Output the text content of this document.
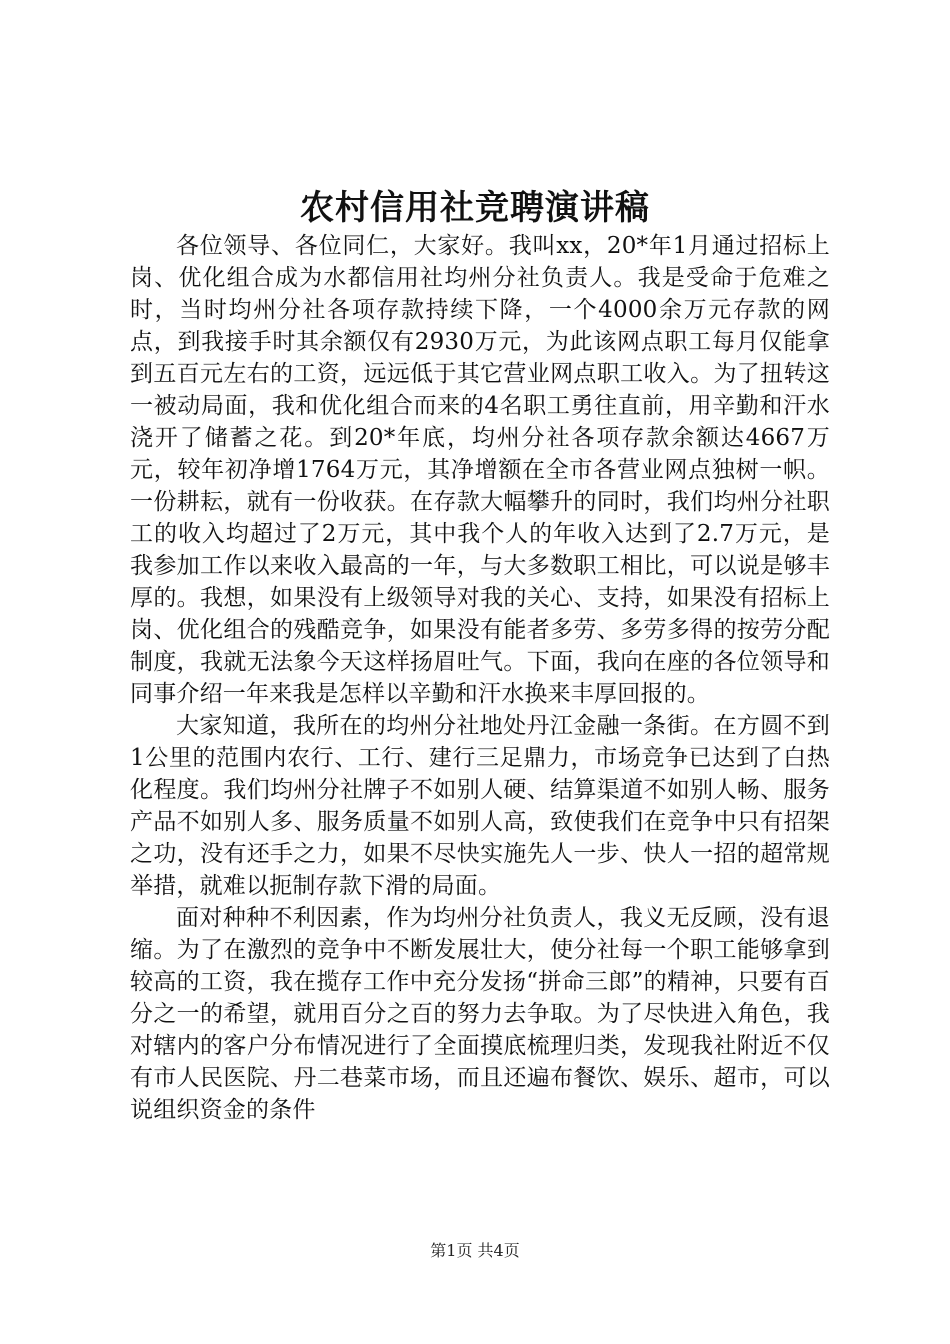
农村信用社竞聘演讲稿

各位领导、各位同仁，大家好。我叫xx，20*年1月通过招标上岗、优化组合成为水都信用社均州分社负责人。我是受命于危难之时，当时均州分社各项存款持续下降，一个4000余万元存款的网点，到我接手时其余额仅有2930万元，为此该网点职工每月仅能拿到五百元左右的工资，远远低于其它营业网点职工收入。为了扭转这一被动局面，我和优化组合而来的4名职工勇往直前，用辛勤和汗水浇开了储蓄之花。到20*年底，均州分社各项存款余额达4667万元，较年初净增1764万元，其净增额在全市各营业网点独树一帜。一份耕耘，就有一份收获。在存款大幅攀升的同时，我们均州分社职工的收入均超过了2万元，其中我个人的年收入达到了2.7万元，是我参加工作以来收入最高的一年，与大多数职工相比，可以说是够丰厚的。我想，如果没有上级领导对我的关心、支持，如果没有招标上岗、优化组合的残酷竞争，如果没有能者多劳、多劳多得的按劳分配制度，我就无法象今天这样扬眉吐气。下面，我向在座的各位领导和同事介绍一年来我是怎样以辛勤和汗水换来丰厚回报的。

大家知道，我所在的均州分社地处丹江金融一条街。在方圆不到1公里的范围内农行、工行、建行三足鼎力，市场竞争已达到了白热化程度。我们均州分社牌子不如别人硬、结算渠道不如别人畅、服务产品不如别人多、服务质量不如别人高，致使我们在竞争中只有招架之功，没有还手之力，如果不尽快实施先人一步、快人一招的超常规举措，就难以扼制存款下滑的局面。

面对种种不利因素，作为均州分社负责人，我义无反顾，没有退缩。为了在激烈的竞争中不断发展壮大，使分社每一个职工能够拿到较高的工资，我在揽存工作中充分发扬“拼命三郎”的精神，只要有百分之一的希望，就用百分之百的努力去争取。为了尽快进入角色，我对辖内的客户分布情况进行了全面摸底梳理归类，发现我社附近不仅有市人民医院、丹二巷菜市场，而且还遍布餐饮、娱乐、超市，可以说组织资金的条件

第1页 共4页
